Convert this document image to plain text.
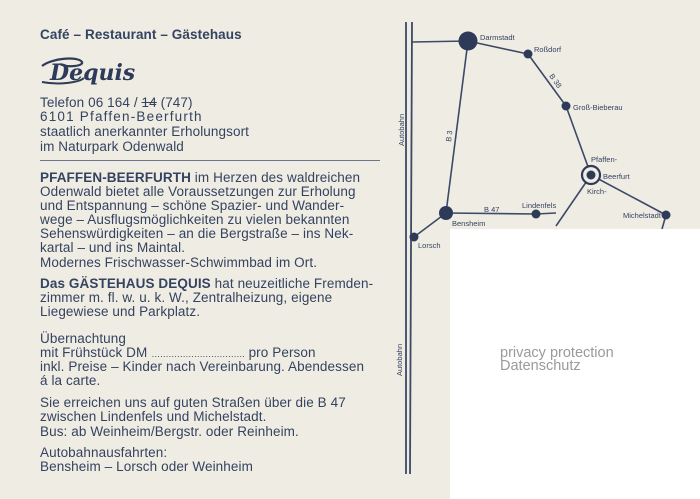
Café – Restaurant – Gästehaus
Dequis
Telefon 06 164 / 14 (747)
6101 Pfaffen-Beerfurth
staatlich anerkannter Erholungsort
im Naturpark Odenwald
PFAFFEN-BEERFURTH im Herzen des waldreichen
Odenwald bietet alle Voraussetzungen zur Erholung
und Entspannung – schöne Spazier- und Wander-
wege – Ausflugsmöglichkeiten zu vielen bekannten
Sehenswürdigkeiten – an die Bergstraße – ins Nek-
kartal – und ins Maintal.
Modernes Frischwasser-Schwimmbad im Ort.
Das GÄSTEHAUS DEQUIS hat neuzeitliche Fremden-
zimmer m. fl. w. u. k. W., Zentralheizung, eigene
Liegewiese und Parkplatz.
Übernachtung
mit Frühstück DM …………………………… pro Person
inkl. Preise – Kinder nach Vereinbarung. Abendessen
á la carte.
Sie erreichen uns auf guten Straßen über die B 47
zwischen Lindenfels und Michelstadt.
Bus: ab Weinheim/Bergstr. oder Reinheim.
Autobahnausfahrten:
Bensheim – Lorsch oder Weinheim
Autobahn
Autobahn
Darmstadt
Roßdorf
B 38
Groß-Bieberau
Pfaffen-
Beerfurt
Kirch-
Michelstadt
B 3
B 47	Lindenfels
Bensheim
Lorsch
privacy protection
Datenschutz
